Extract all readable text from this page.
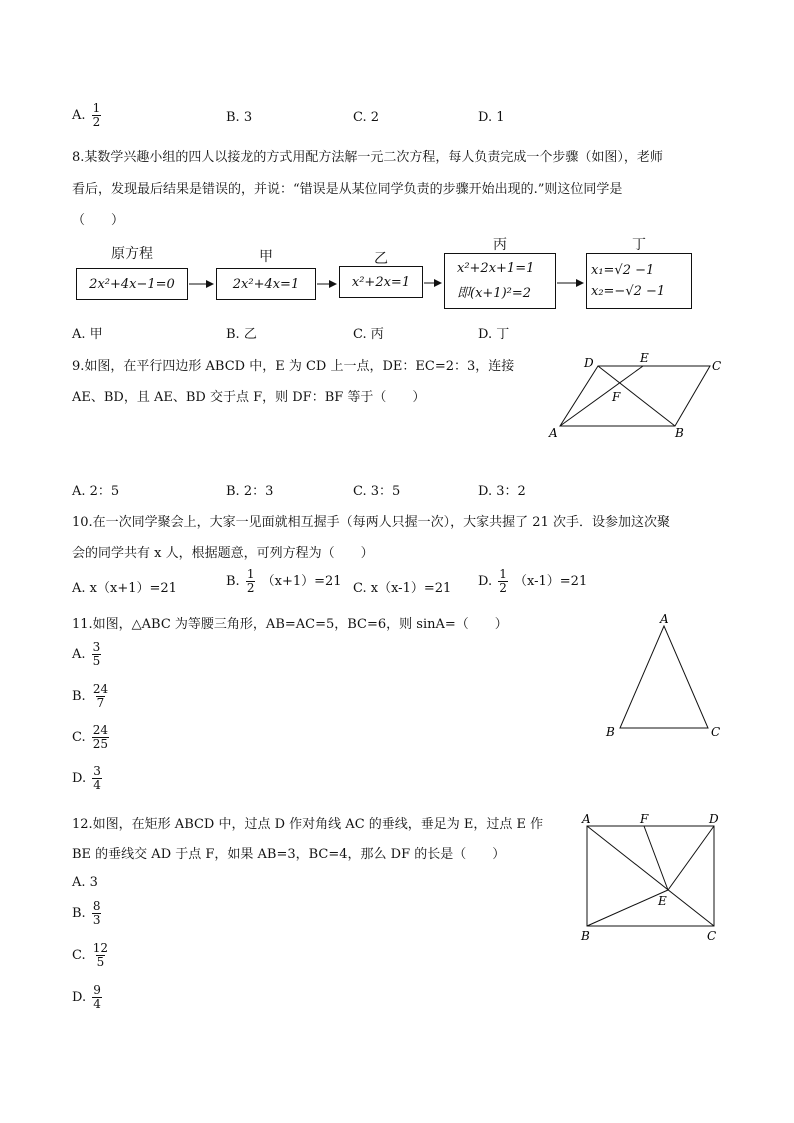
A. $\frac{1}{2}$	B. 3	C. 2	D. 1
8.某数学兴趣小组的四人以接龙的方式用配方法解一元二次方程，每人负责完成一个步骤（如图），老师
看后，发现最后结果是错误的，并说：“错误是从某位同学负责的步骤开始出现的.”则这位同学是
（　　）
原方程
2x²+4x−1=0
甲
2x²+4x=1
乙
x²+2x=1
丙
x²+2x+1=1
即(x+1)²=2
丁
x₁=√2 −1
x₂=−√2 −1
A. 甲	B. 乙	C. 丙	D. 丁
9.如图，在平行四边形 ABCD 中，E 为 CD 上一点，DE：EC=2：3，连接
AE、BD，且 AE、BD 交于点 F，则 DF：BF 等于（　　）
D	E
C
F
A	B
A. 2：5	B. 2：3	C. 3：5	D. 3：2
10.在一次同学聚会上，大家一见面就相互握手（每两人只握一次），大家共握了 21 次手．设参加这次聚
会的同学共有 x 人，根据题意，可列方程为（　　）
A. x（x+1）=21	B. $\frac{1}{2} (x+1)=21$ C. x（x-1）=21 D. $\frac{1}{2} (x-1)=21$
11.如图，△ABC 为等腰三角形，AB=AC=5，BC=6，则 sinA=（　　）
A. $\frac{3}{5}$
B. $\frac{24}{7}$
C. $\frac{24}{25}$
D. $\frac{3}{4}$
A
B	C
12.如图，在矩形 ABCD 中，过点 D 作对角线 AC 的垂线，垂足为 E，过点 E 作
BE 的垂线交 AD 于点 F，如果 AB=3，BC=4，那么 DF 的长是（　　）
A. 3
B. $\frac{8}{3}$
C. $\frac{12}{5}$
D. $\frac{9}{4}$
A	F	D
E
B	C
